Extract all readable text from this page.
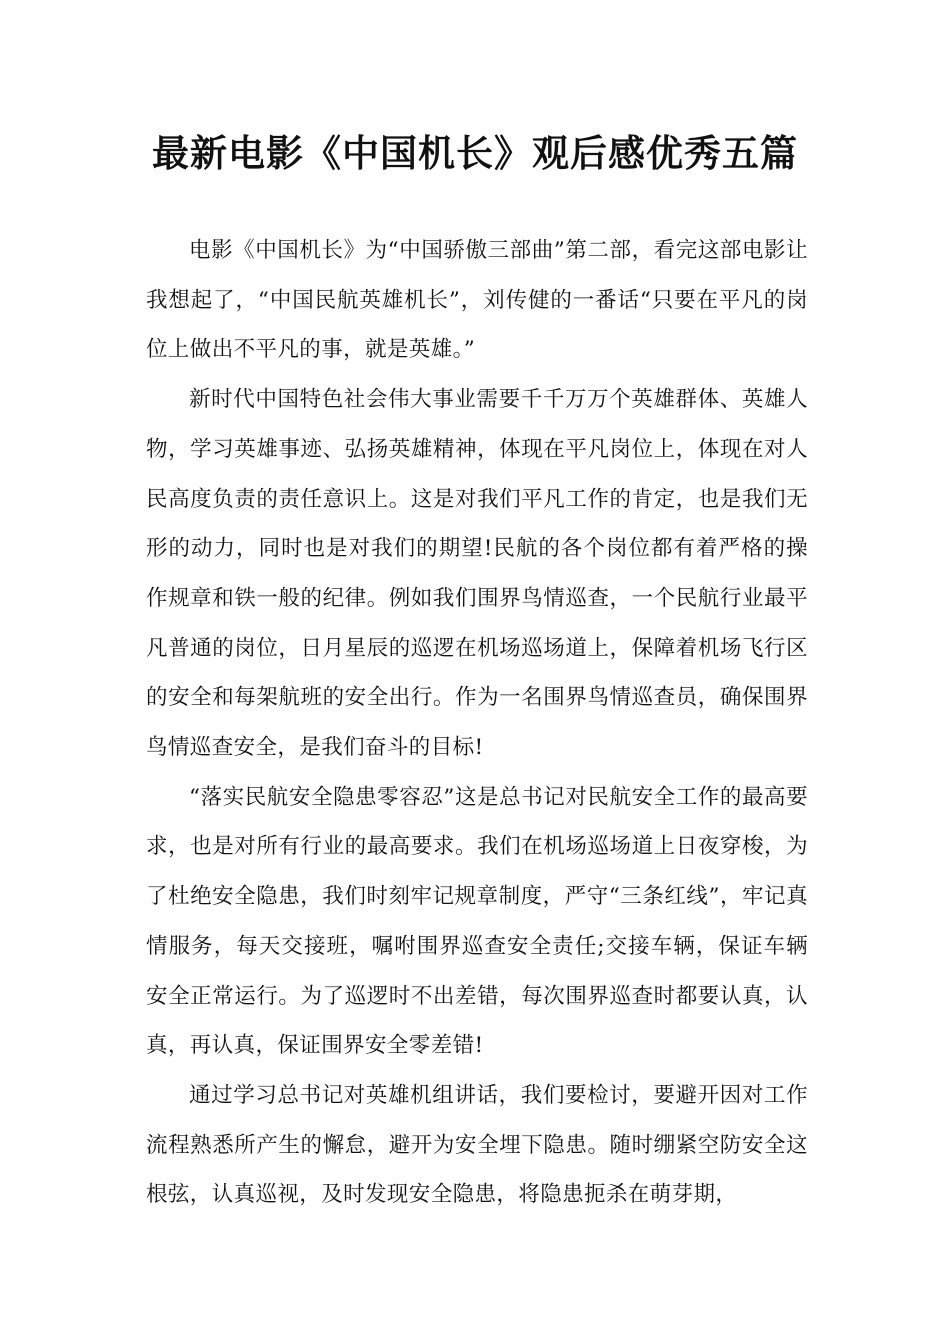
最新电影《中国机长》观后感优秀五篇

电影《中国机长》为“中国骄傲三部曲”第二部，看完这部电影让我想起了，“中国民航英雄机长”，刘传健的一番话“只要在平凡的岗位上做出不平凡的事，就是英雄。”

新时代中国特色社会伟大事业需要千千万万个英雄群体、英雄人物，学习英雄事迹、弘扬英雄精神，体现在平凡岗位上，体现在对人民高度负责的责任意识上。这是对我们平凡工作的肯定，也是我们无形的动力，同时也是对我们的期望!民航的各个岗位都有着严格的操作规章和铁一般的纪律。例如我们围界鸟情巡查，一个民航行业最平凡普通的岗位，日月星辰的巡逻在机场巡场道上，保障着机场飞行区的安全和每架航班的安全出行。作为一名围界鸟情巡查员，确保围界鸟情巡查安全，是我们奋斗的目标!

“落实民航安全隐患零容忍”这是总书记对民航安全工作的最高要求，也是对所有行业的最高要求。我们在机场巡场道上日夜穿梭，为了杜绝安全隐患，我们时刻牢记规章制度，严守“三条红线”，牢记真情服务，每天交接班，嘱咐围界巡查安全责任;交接车辆，保证车辆安全正常运行。为了巡逻时不出差错，每次围界巡查时都要认真，认真，再认真，保证围界安全零差错!

通过学习总书记对英雄机组讲话，我们要检讨，要避开因对工作流程熟悉所产生的懈怠，避开为安全埋下隐患。随时绷紧空防安全这根弦，认真巡视，及时发现安全隐患，将隐患扼杀在萌芽期，
